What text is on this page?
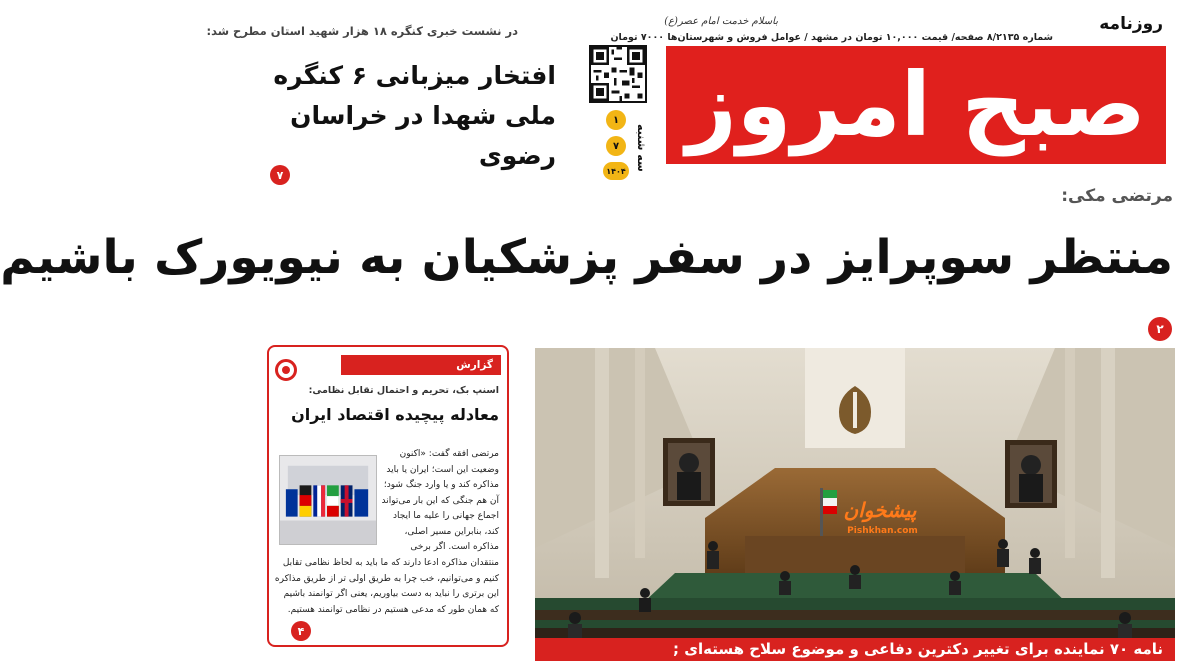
روزنامه
شماره ۸/۲۱۳۵ صفحه/ قیمت ۱۰,۰۰۰ تومان در مشهد / عوامل فروش و شهرستان‌ها ۷۰۰۰ تومان
باسلام خدمت امام عصر(ع)
صبح امروز
۱
۷
۱۴۰۴ سه شنبه
در نشست خبری کنگره ۱۸ هزار شهید استان مطرح شد:
افتخار میزبانی ۶ کنگره ملی شهدا در خراسان رضوی
۷
مرتضی مکی:
منتظر سوپرایز در سفر پزشکیان به نیویورک باشیم
۲
پیشخوان
Pishkhan.com
نامه ۷۰ نماینده برای تغییر دکترین دفاعی و موضوع سلاح هسته‌ای ;
گزارش
اسنپ بک، تحریم و احتمال تقابل نظامی:
معادله پیچیده اقتصاد ایران
مرتضی افقه گفت: «اکنون وضعیت این است؛ ایران یا باید مذاکره کند و یا وارد جنگ شود؛ آن هم جنگی که این بار می‌تواند اجماع جهانی را علیه ما ایجاد کند، بنابراین مسیر اصلی، مذاکره است. اگر برخی
منتقدان مذاکره ادعا دارند که ما باید به لحاظ نظامی تقابل کنیم و می‌توانیم، خب چرا به طریق اولی تر از طریق مذاکره این برتری را نباید به دست بیاوریم، یعنی اگر توانمند باشیم که همان طور که مدعی هستیم در نظامی توانمند هستیم.
۴
